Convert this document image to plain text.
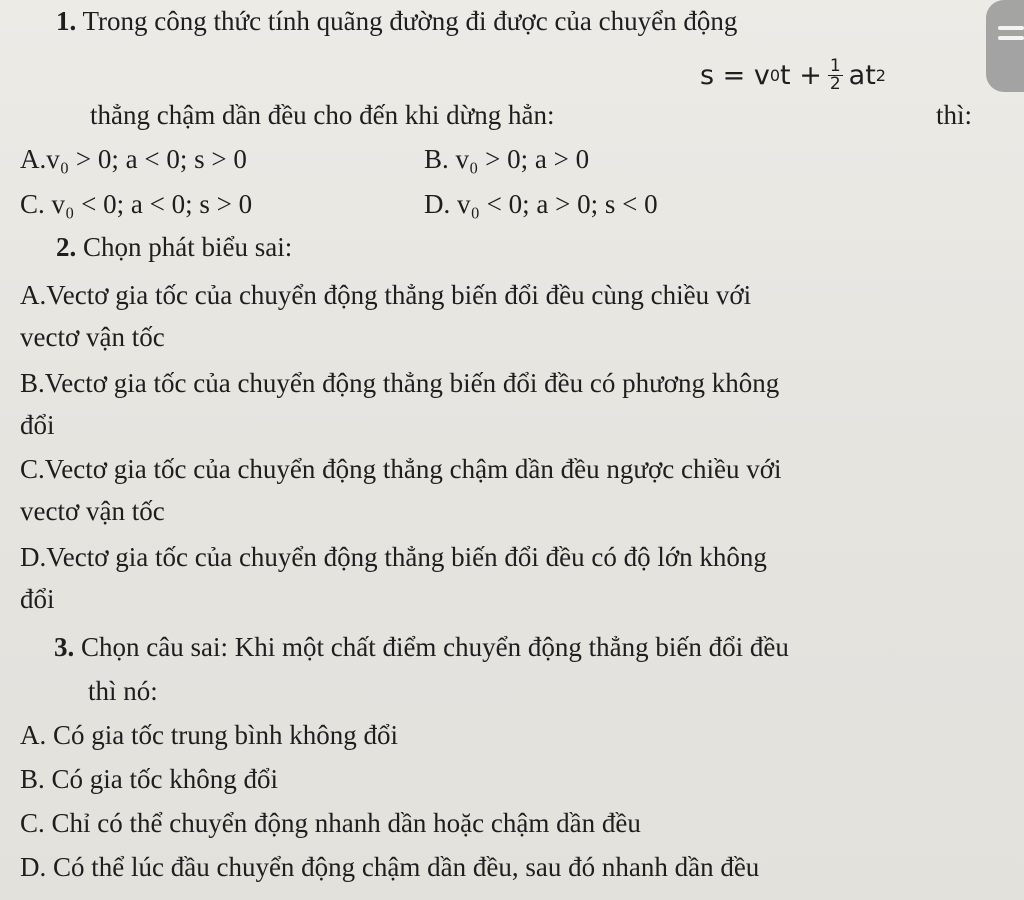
1. Trong công thức tính quãng đường đi được của chuyển động
s = v 0 $t + \frac{1}{2}$ at 2
thẳng chậm dần đều cho đến khi dừng hẳn:	thì:
A.v₀ > 0; a < 0; s > 0	B. v₀ > 0; a > 0
C. v₀ < 0; a < 0; s > 0	D. v₀ < 0; a > 0; s < 0
2. Chọn phát biểu sai:
A.Vectơ gia tốc của chuyển động thẳng biến đổi đều cùng chiều với
vectơ vận tốc
B.Vectơ gia tốc của chuyển động thẳng biến đổi đều có phương không
đổi
C.Vectơ gia tốc của chuyển động thẳng chậm dần đều ngược chiều với
vectơ vận tốc
D.Vectơ gia tốc của chuyển động thẳng biến đổi đều có độ lớn không
đổi
3. Chọn câu sai: Khi một chất điểm chuyển động thẳng biến đổi đều
thì nó:
A. Có gia tốc trung bình không đổi
B. Có gia tốc không đổi
C. Chỉ có thể chuyển động nhanh dần hoặc chậm dần đều
D. Có thể lúc đầu chuyển động chậm dần đều, sau đó nhanh dần đều
